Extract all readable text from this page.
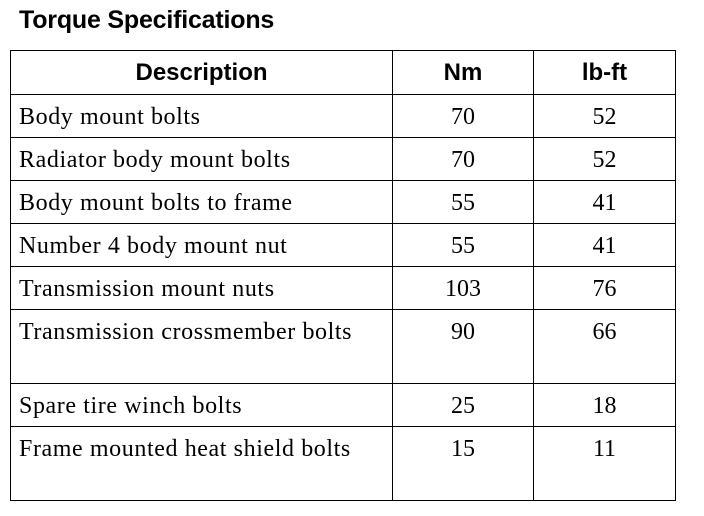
Torque Specifications
Description	Nm	lb-ft
Body mount bolts	70	52
Radiator body mount bolts	70	52
Body mount bolts to frame	55	41
Number 4 body mount nut	55	41
Transmission mount nuts	103	76
Transmission crossmember bolts	90	66
Spare tire winch bolts	25	18
Frame mounted heat shield bolts	15	11
